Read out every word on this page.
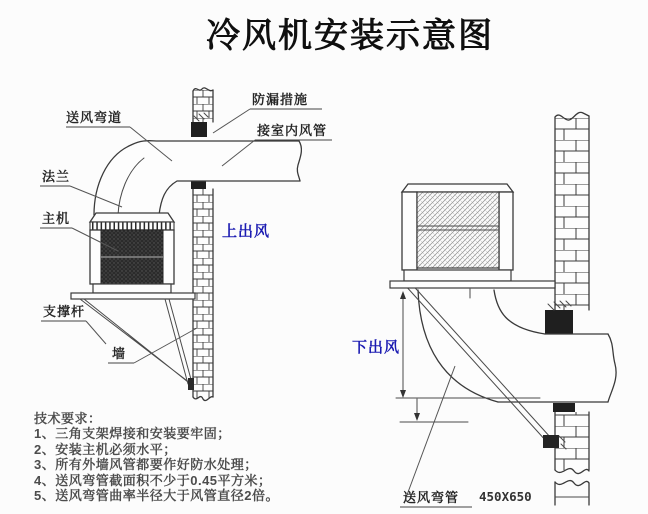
冷风机安装示意图
送风弯道
防漏措施
接室内风管
法兰
主机
支撑杆
墙
上出风
下出风
送风弯管 450X650
技术要求：
1、三角支架焊接和安装要牢固；
2、安装主机必须水平；
3、所有外墙风管都要作好防水处理；
4、送风弯管截面积不少于0.45平方米；
5、送风弯管曲率半径大于风管直径2倍。
